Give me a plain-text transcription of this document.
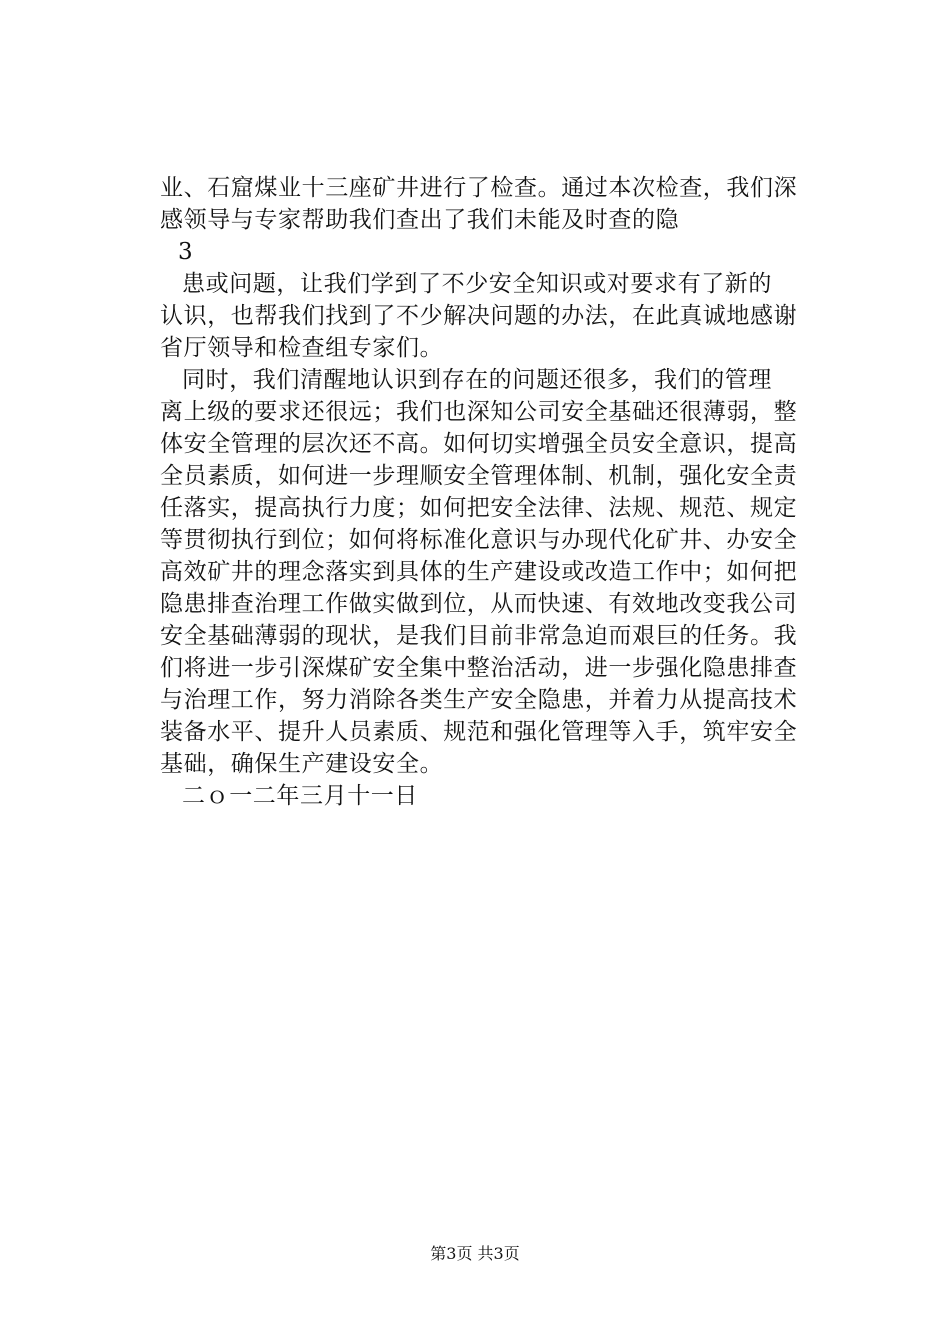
业、石窟煤业十三座矿井进行了检查。通过本次检查，我们深
感领导与专家帮助我们查出了我们未能及时查的隐
3
患或问题，让我们学到了不少安全知识或对要求有了新的
认识，也帮我们找到了不少解决问题的办法，在此真诚地感谢
省厅领导和检查组专家们。
同时，我们清醒地认识到存在的问题还很多，我们的管理
离上级的要求还很远；我们也深知公司安全基础还很薄弱，整
体安全管理的层次还不高。如何切实增强全员安全意识，提高
全员素质，如何进一步理顺安全管理体制、机制，强化安全责
任落实，提高执行力度；如何把安全法律、法规、规范、规定
等贯彻执行到位；如何将标准化意识与办现代化矿井、办安全
高效矿井的理念落实到具体的生产建设或改造工作中；如何把
隐患排查治理工作做实做到位，从而快速、有效地改变我公司
安全基础薄弱的现状，是我们目前非常急迫而艰巨的任务。我
们将进一步引深煤矿安全集中整治活动，进一步强化隐患排查
与治理工作，努力消除各类生产安全隐患，并着力从提高技术
装备水平、提升人员素质、规范和强化管理等入手，筑牢安全
基础，确保生产建设安全。
二ｏ一二年三月十一日
第3页 共3页
